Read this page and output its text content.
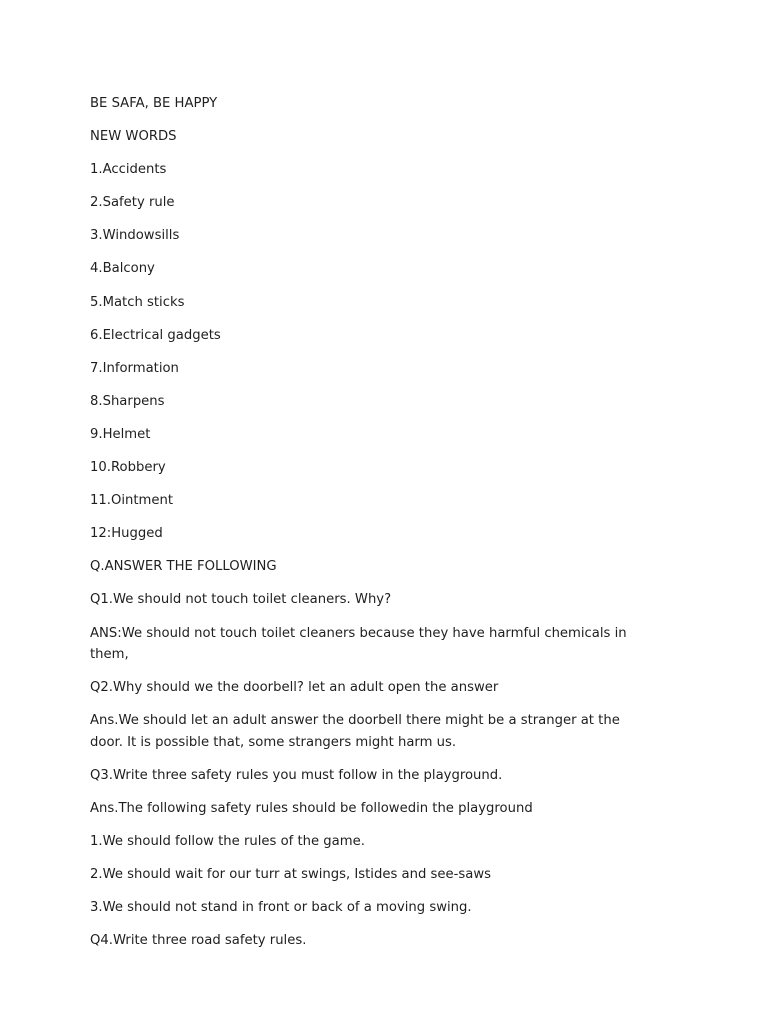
BE SAFA, BE HAPPY

NEW WORDS

1.Accidents

2.Safety rule

3.Windowsills

4.Balcony

5.Match sticks

6.Electrical gadgets

7.Information

8.Sharpens

9.Helmet

10.Robbery

11.Ointment

12:Hugged

Q.ANSWER THE FOLLOWING

Q1.We should not touch toilet cleaners. Why?

ANS:We should not touch toilet cleaners because they have harmful chemicals in them,

Q2.Why should we the doorbell? let an adult open the answer

Ans.We should let an adult answer the doorbell there might be a stranger at the door. It is possible that, some strangers might harm us.

Q3.Write three safety rules you must follow in the playground.

Ans.The following safety rules should be followedin the playground

1.We should follow the rules of the game.

2.We should wait for our turr at swings, Istides and see-saws

3.We should not stand in front or back of a moving swing.

Q4.Write three road safety rules.
